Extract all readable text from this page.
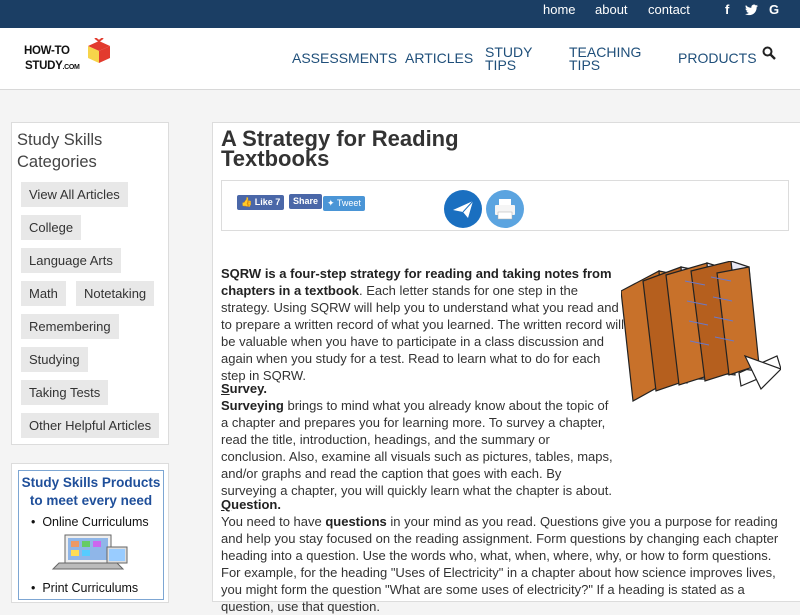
home about contact	f	G
HOW-TO
STUDY.COM
ASSESSMENTS ARTICLES STUDY
TIPS
TEACHING
TIPS	PRODUCTS
Study Skills
Categories
View All Articles
College
Language Arts
Math	Notetaking
Remembering
Studying
Taking Tests
Other Helpful Articles
Study Skills Products
to meet every need
•  Online Curriculums
•  Print Curriculums
A Strategy for Reading
Textbooks
👍 Like 7	Share ✦ Tweet

SQRW is a four-step strategy for reading and taking notes from chapters in a textbook. Each letter stands for one step in the strategy. Using SQRW will help you to understand what you read and to prepare a written record of what you learned. The written record will be valuable when you have to participate in a class discussion and again when you study for a test. Read to learn what to do for each step in SQRW.

Survey.
Surveying brings to mind what you already know about the topic of a chapter and prepares you for learning more. To survey a chapter, read the title, introduction, headings, and the summary or conclusion. Also, examine all visuals such as pictures, tables, maps, and/or graphs and read the caption that goes with each. By surveying a chapter, you will quickly learn what the chapter is about.
Question.
You need to have questions in your mind as you read. Questions give you a purpose for reading and help you stay focused on the reading assignment. Form questions by changing each chapter heading into a question. Use the words who, what, when, where, why, or how to form questions. For example, for the heading "Uses of Electricity" in a chapter about how science improves lives, you might form the question "What are some uses of electricity?" If a heading is stated as a question, use that question.
